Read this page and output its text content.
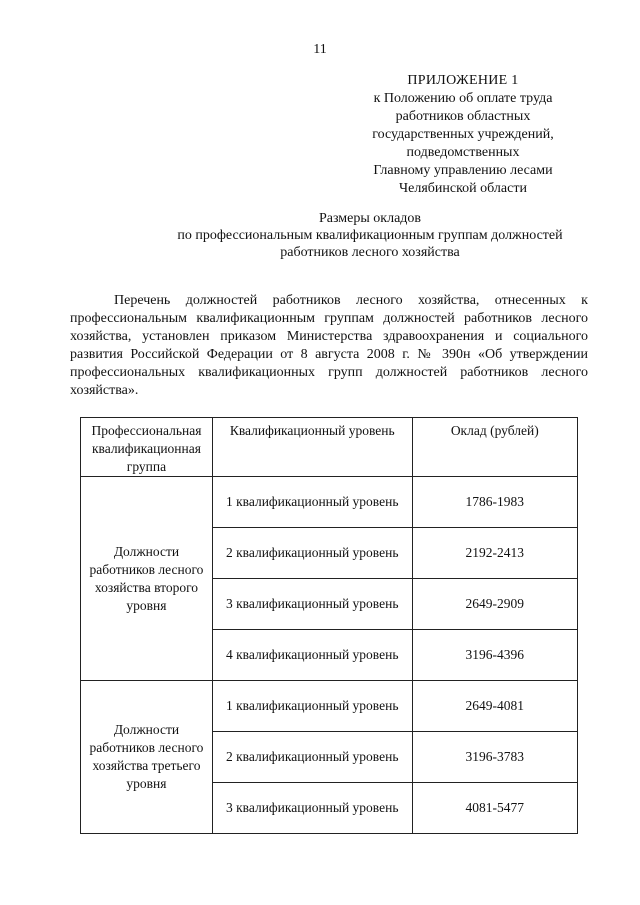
11
ПРИЛОЖЕНИЕ 1
к Положению об оплате труда
работников областных
государственных учреждений,
подведомственных
Главному управлению лесами
Челябинской области
Размеры окладов
по профессиональным квалификационным группам должностей
работников лесного хозяйства

Перечень должностей работников лесного хозяйства, отнесенных к профессиональным квалификационным группам должностей работников лесного хозяйства, установлен приказом Министерства здравоохранения и социального развития Российской Федерации от 8 августа 2008 г. № 390н «Об утверждении профессиональных квалификационных групп должностей работников лесного хозяйства».

Профессиональная квалификационная группа	Квалификационный уровень	Оклад (рублей)
Должности работников лесного хозяйства второго уровня	1 квалификационный уровень	1786-1983
	2 квалификационный уровень	2192-2413
	3 квалификационный уровень	2649-2909
	4 квалификационный уровень	3196-4396
Должности работников лесного хозяйства третьего уровня	1 квалификационный уровень	2649-4081
	2 квалификационный уровень	3196-3783
	3 квалификационный уровень	4081-5477
